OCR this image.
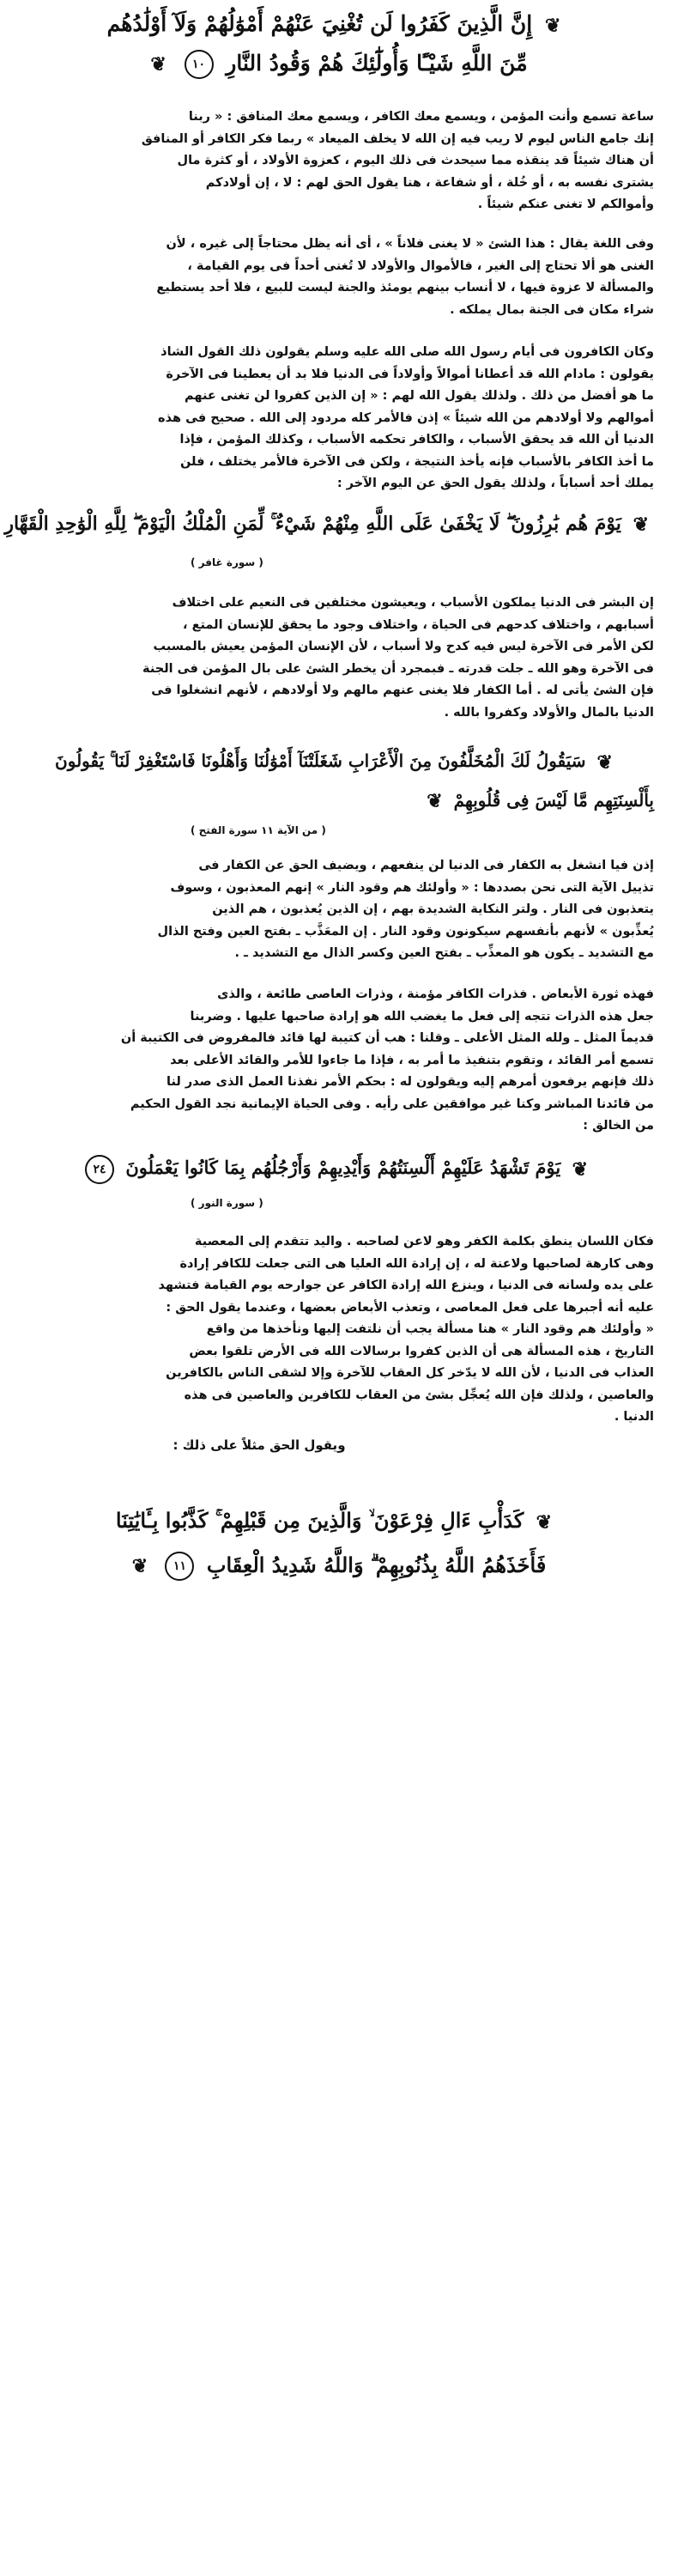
❦ إِنَّ الَّذِينَ كَفَرُوا لَن تُغْنِيَ عَنْهُمْ أَمْوَٰلُهُمْ وَلَآ أَوْلَٰدُهُم
مِّنَ اللَّهِ شَيْـًٔا وَأُولَٰٓئِكَ هُمْ وَقُودُ النَّارِ ١٠ ❦
ساعة تسمع وأنت المؤمن ، ويسمع معك الكافر ، ويسمع معك المنافق : « ربنا
إنك جامع الناس ليوم لا ريب فيه إن الله لا يخلف الميعاد » ربما فكر الكافر أو المنافق
أن هناك شيئاً قد ينقذه مما سيحدث فى ذلك اليوم ، كعزوة الأولاد ، أو كثرة مال
يشترى نفسه به ، أو خُلة ، أو شفاعة ، هنا يقول الحق لهم : لا ، إن أولادكم
وأموالكم لا تغنى عنكم شيئاً .
وفى اللغة يقال : هذا الشئ « لا يغنى فلاناً » ، أى أنه يظل محتاجاً إلى غيره ، لأن
الغنى هو ألا تحتاج إلى الغير ، فالأموال والأولاد لا تُغنى أحداً فى يوم القيامة ،
والمسألة لا عزوة فيها ، لا أنساب بينهم يومئذ والجنة ليست للبيع ، فلا أحد يستطيع
شراء مكان فى الجنة بمال يملكه .
وكان الكافرون فى أيام رسول الله صلى الله عليه وسلم يقولون ذلك القول الشاذ
يقولون : مادام الله قد أعطانا أموالاً وأولاداً فى الدنيا فلا بد أن يعطينا فى الآخرة
ما هو أفضل من ذلك . ولذلك يقول الله لهم : « إن الذين كفروا لن تغنى عنهم
أموالهم ولا أولادهم من الله شيئاً » إذن فالأمر كله مردود إلى الله . صحيح فى هذه
الدنيا أن الله قد يحقق الأسباب ، والكافر تحكمه الأسباب ، وكذلك المؤمن ، فإذا
ما أخذ الكافر بالأسباب فإنه يأخذ النتيجة ، ولكن فى الآخرة فالأمر يختلف ، فلن
يملك أحد أسباباً ، ولذلك يقول الحق عن اليوم الآخر :
❦ يَوْمَ هُم بَٰرِزُونَ ۖ لَا يَخْفَىٰ عَلَى اللَّهِ مِنْهُمْ شَيْءٌ ۚ لِّمَنِ الْمُلْكُ الْيَوْمَ ۖ لِلَّهِ الْوَٰحِدِ الْقَهَّارِ
( سورة غافر )
إن البشر فى الدنيا يملكون الأسباب ، ويعيشون مختلفين فى النعيم على اختلاف
أسبابهم ، واختلاف كدحهم فى الحياة ، واختلاف وجود ما يحقق للإنسان المتع ،
لكن الأمر فى الآخرة ليس فيه كدح ولا أسباب ، لأن الإنسان المؤمن يعيش بالمسبب
فى الآخرة وهو الله ـ جلت قدرته ـ فبمجرد أن يخطر الشئ على بال المؤمن فى الجنة
فإن الشئ يأتى له . أما الكفار فلا يغنى عنهم مالهم ولا أولادهم ، لأنهم انشغلوا فى
الدنيا بالمال والأولاد وكفروا بالله .
❦ سَيَقُولُ لَكَ الْمُخَلَّفُونَ مِنَ الْأَعْرَابِ شَغَلَتْنَآ أَمْوَٰلُنَا وَأَهْلُونَا فَاسْتَغْفِرْ لَنَا ۚ يَقُولُونَ
بِأَلْسِنَتِهِم مَّا لَيْسَ فِى قُلُوبِهِمْ ❦
( من الآية ١١ سورة الفتح )
إذن فيا انشغل به الكفار فى الدنيا لن ينفعهم ، ويضيف الحق عن الكفار فى
تذييل الآية التى نحن بصددها : « وأولئك هم وقود النار » إنهم المعذبون ، وسوف
يتعذبون فى النار . ولتر النكاية الشديدة بهم ، إن الذين يُعذبون ، هم الذين
يُعذِّبون » لأنهم بأنفسهم سيكونون وقود النار . إن المعَذَّب ـ بفتح العين وفتح الذال
مع التشديد ـ يكون هو المعذِّب ـ بفتح العين وكسر الذال مع التشديد ـ .
فهذه ثورة الأبعاض . فذرات الكافر مؤمنة ، وذرات العاصى طائعة ، والذى
جعل هذه الذرات تتجه إلى فعل ما يغضب الله هو إرادة صاحبها عليها . وضربنا
قديماً المثل ـ ولله المثل الأعلى ـ وقلنا : هب أن كتيبة لها قائد فالمفروض فى الكتيبة أن
تسمع أمر القائد ، وتقوم بتنفيذ ما أمر به ، فإذا ما جاءوا للأمر والقائد الأعلى بعد
ذلك فإنهم يرفعون أمرهم إليه ويقولون له : بحكم الأمر نفذنا العمل الذى صدر لنا
من قائدنا المباشر وكنا غير موافقين على رأيه . وفى الحياة الإيمانية نجد القول الحكيم
من الخالق :
❦ يَوْمَ تَشْهَدُ عَلَيْهِمْ أَلْسِنَتُهُمْ وَأَيْدِيهِمْ وَأَرْجُلُهُم بِمَا كَانُوا يَعْمَلُونَ ٢٤
( سورة النور )
فكان اللسان ينطق بكلمة الكفر وهو لاعن لصاحبه . واليد تتقدم إلى المعصية
وهى كارهة لصاحبها ولاعنة له ، إن إرادة الله العليا هى التى جعلت للكافر إرادة
على يده ولسانه فى الدنيا ، وينزع الله إرادة الكافر عن جوارحه يوم القيامة فتشهد
عليه أنه أجبرها على فعل المعاصى ، وتعذب الأبعاض بعضها ، وعندما يقول الحق :
« وأولئك هم وقود النار » هنا مسألة يجب أن نلتفت إليها ونأخذها من واقع
التاريخ ، هذه المسألة هى أن الذين كفروا برسالات الله فى الأرض تلقوا بعض
العذاب فى الدنيا ، لأن الله لا يدّخر كل العقاب للآخرة وإلا لشقى الناس بالكافرين
والعاصين ، ولذلك فإن الله يُعجِّل بشئ من العقاب للكافرين والعاصين فى هذه
الدنيا .
ويقول الحق مثلاً على ذلك :
❦ كَدَأْبِ ءَالِ فِرْعَوْنَ ۙ وَالَّذِينَ مِن قَبْلِهِمْ ۚ كَذَّبُوا بِـَٔايَٰتِنَا
فَأَخَذَهُمُ اللَّهُ بِذُنُوبِهِمْ ۗ وَاللَّهُ شَدِيدُ الْعِقَابِ ١١ ❦
